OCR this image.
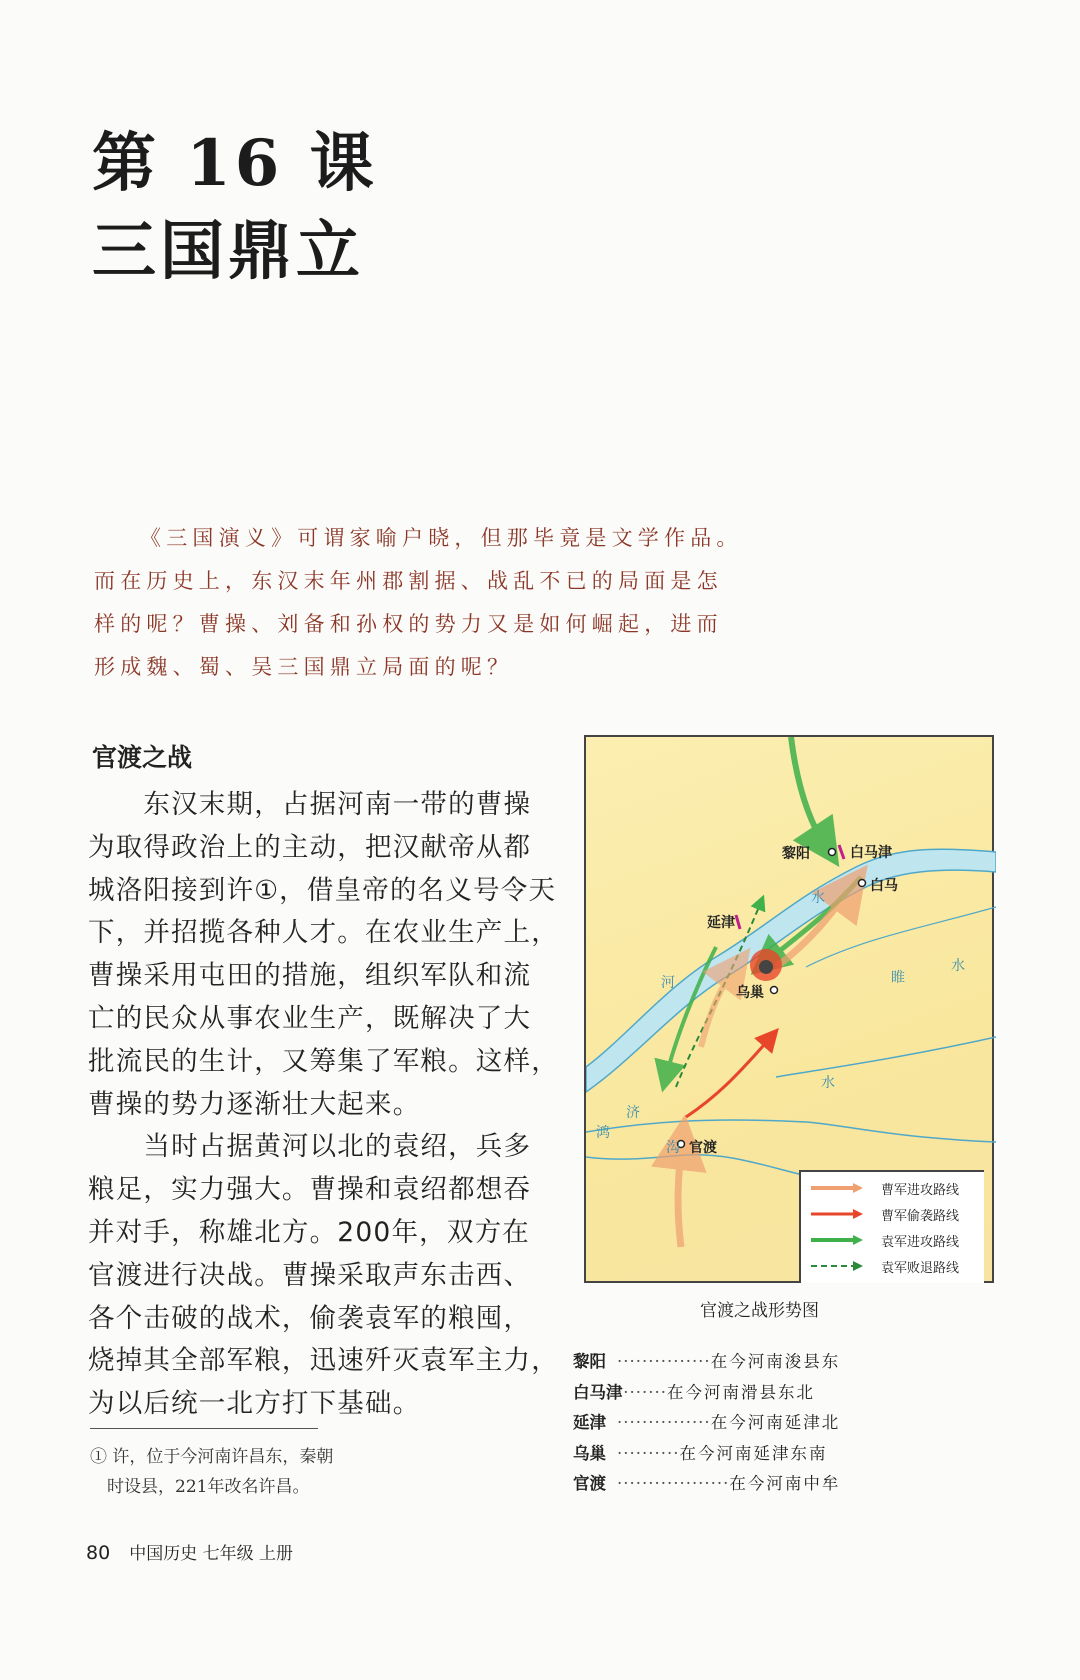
第 16 课
三国鼎立
《三国演义》可谓家喻户晓，但那毕竟是文学作品。
而在历史上，东汉末年州郡割据、战乱不已的局面是怎
样的呢？曹操、刘备和孙权的势力又是如何崛起，进而
形成魏、蜀、吴三国鼎立局面的呢？
官渡之战
　　东汉末期，占据河南一带的曹操
为取得政治上的主动，把汉献帝从都
城洛阳接到许①，借皇帝的名义号令天
下，并招揽各种人才。在农业生产上，
曹操采用屯田的措施，组织军队和流
亡的民众从事农业生产，既解决了大
批流民的生计，又筹集了军粮。这样，
曹操的势力逐渐壮大起来。
　　当时占据黄河以北的袁绍，兵多
粮足，实力强大。曹操和袁绍都想吞
并对手，称雄北方。200年，双方在
官渡进行决战。曹操采取声东击西、
各个击破的战术，偷袭袁军的粮囤，
烧掉其全部军粮，迅速歼灭袁军主力，
为以后统一北方打下基础。
① 许，位于今河南许昌东，秦朝
　时设县，221年改名许昌。
黎阳	白马津
白马
延津
乌巢
官渡
水
河	睢
水
济
水
鸿
沟
曹军进攻路线
曹军偷袭路线
袁军进攻路线
袁军败退路线
官渡之战形势图
黎阳 ···············在今河南浚县东
白马津········在今河南滑县东北
延津 ···············在今河南延津北
乌巢 ··········在今河南延津东南
官渡 ··················在今河南中牟
80　 中国历史 七年级 上册
